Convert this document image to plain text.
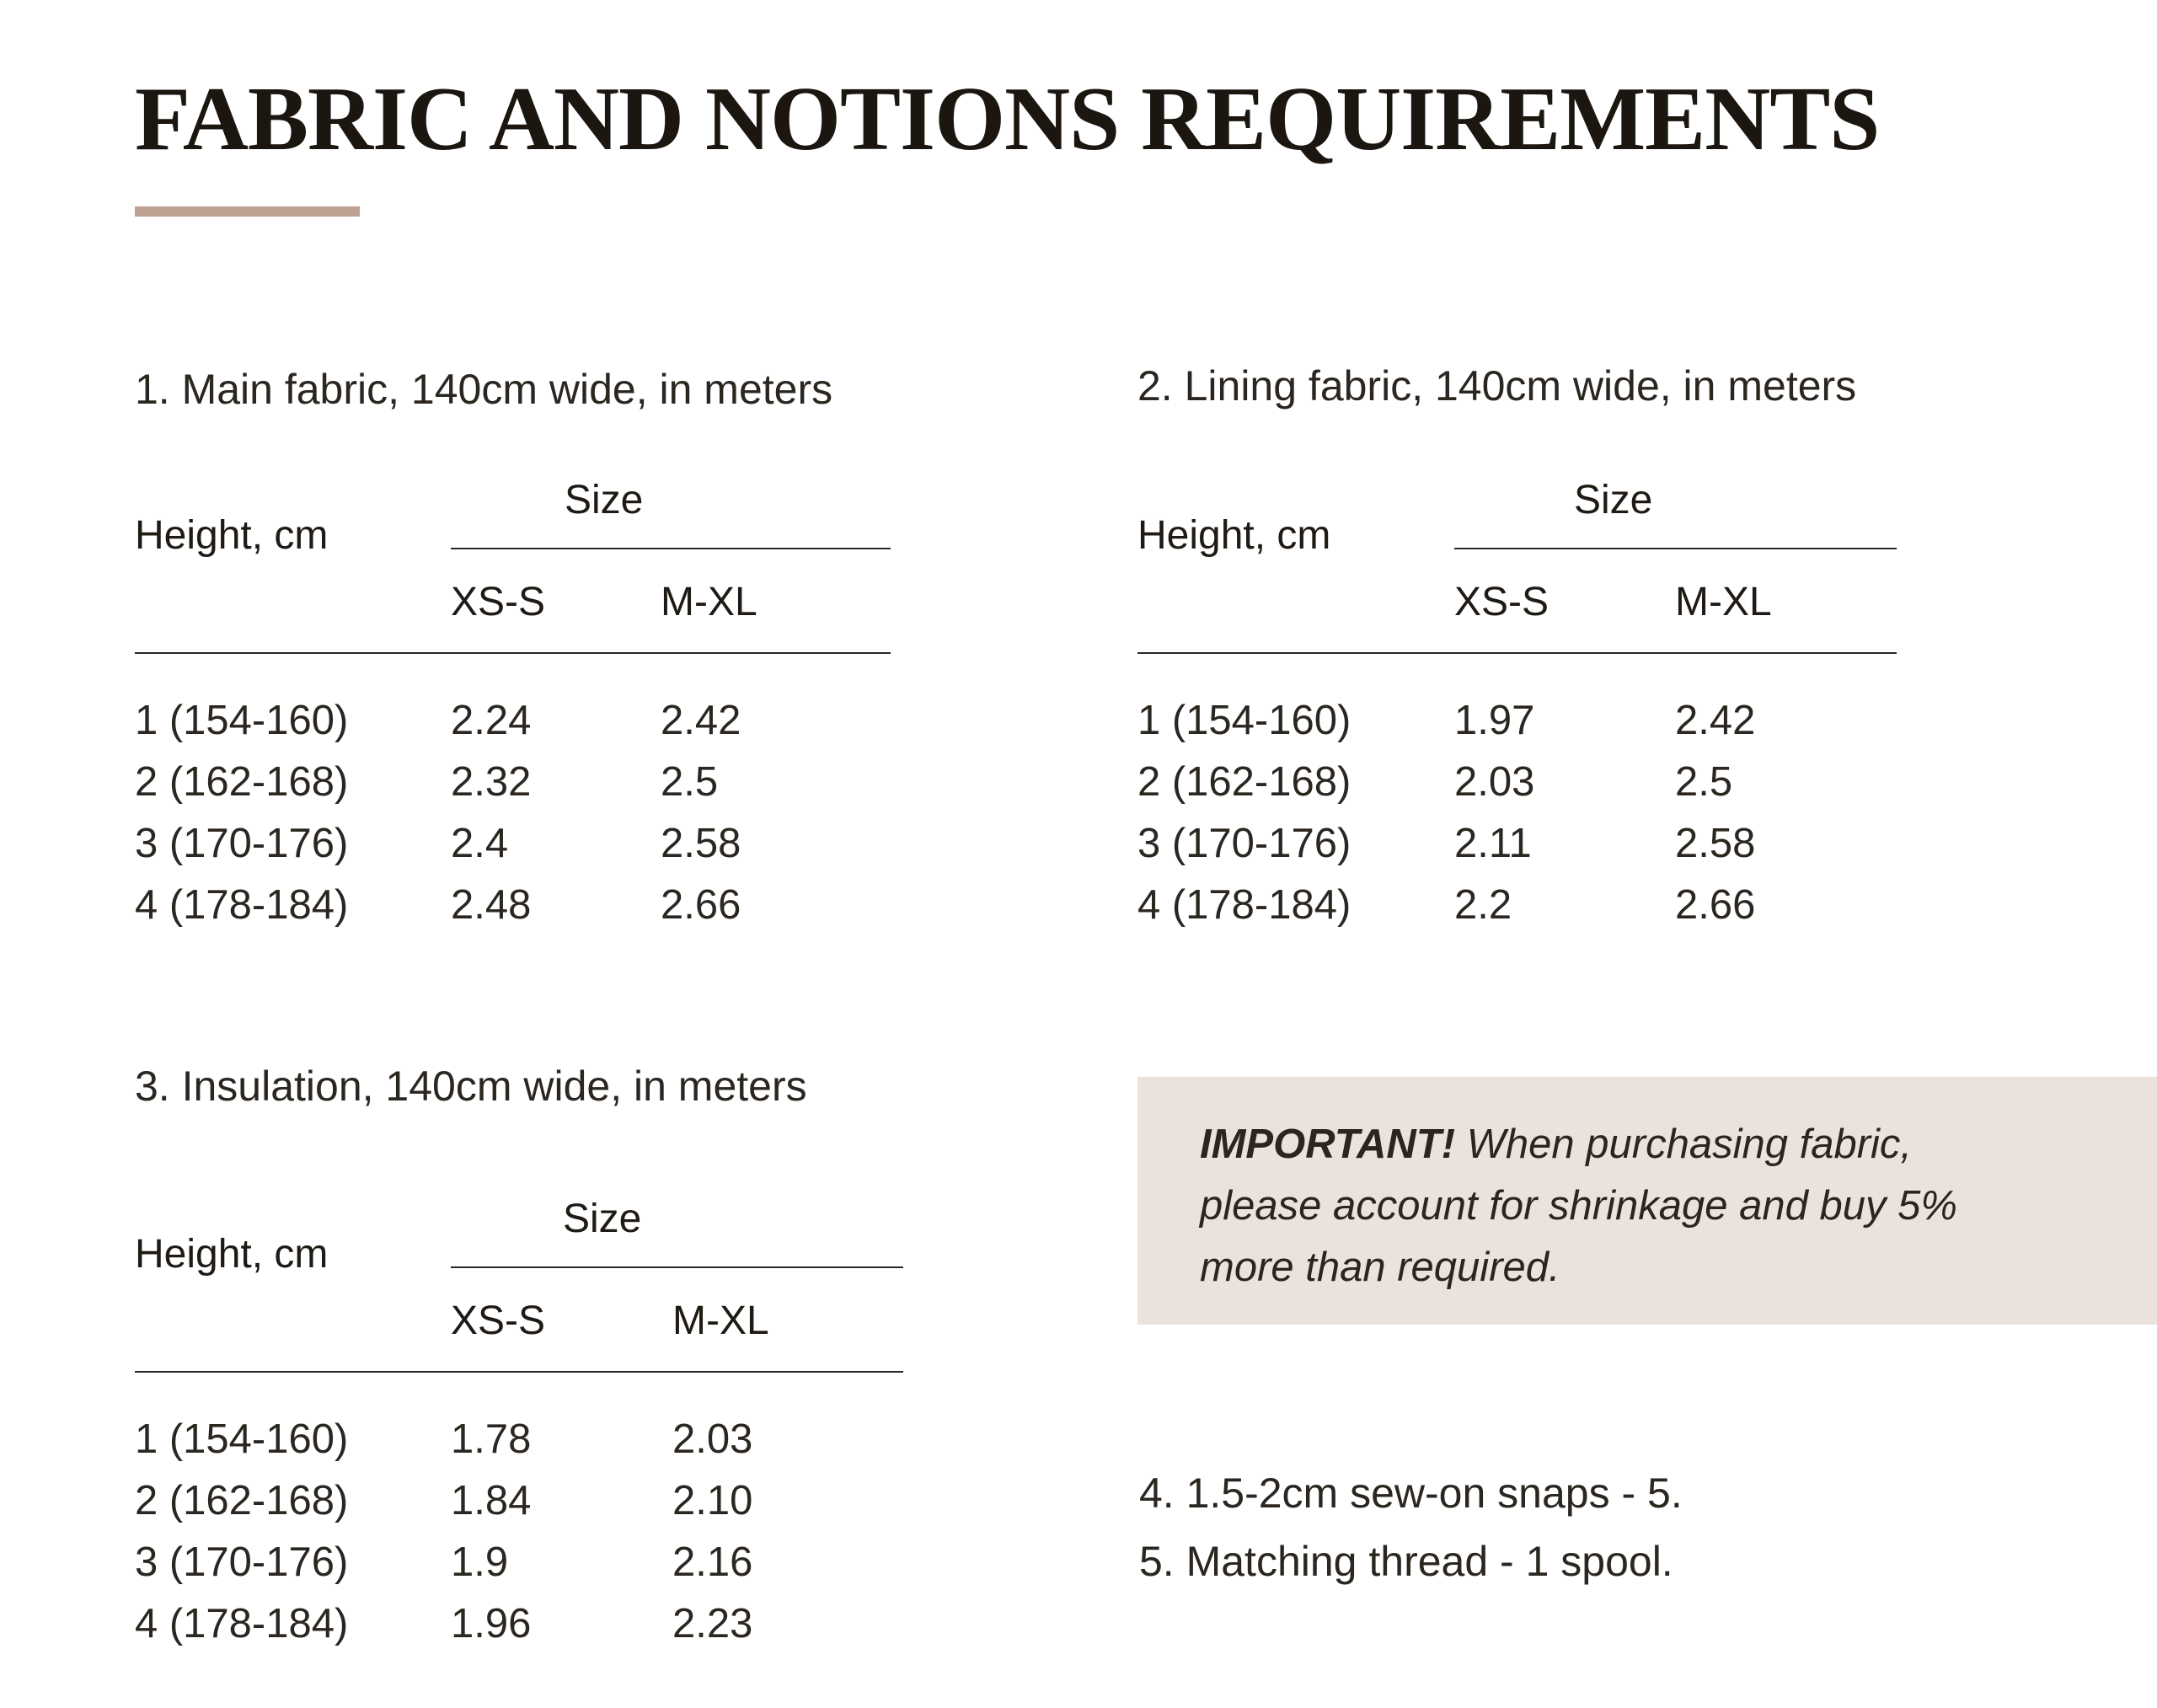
FABRIC AND NOTIONS REQUIREMENTS
1. Main fabric, 140cm wide, in meters
Height, cm
Size
XS-S	M-XL
1 (154-160) 2.24	2.42
2 (162-168) 2.32	2.5
3 (170-176) 2.4	2.58
4 (178-184) 2.48	2.66
2. Lining fabric, 140cm wide, in meters
Height, cm
Size
XS-S	M-XL
1 (154-160)	1.97	2.42
2 (162-168)	2.03	2.5
3 (170-176)	2.11	2.58
4 (178-184)	2.2	2.66
3. Insulation, 140cm wide, in meters
Height, cm
Size
XS-S	M-XL
1 (154-160) 1.78	2.03
2 (162-168) 1.84	2.10
3 (170-176) 1.9	2.16
4 (178-184) 1.96	2.23
IMPORTANT! When purchasing fabric, please account for shrinkage and buy 5% more than required.
4. 1.5-2cm sew-on snaps - 5.
5. Matching thread - 1 spool.
